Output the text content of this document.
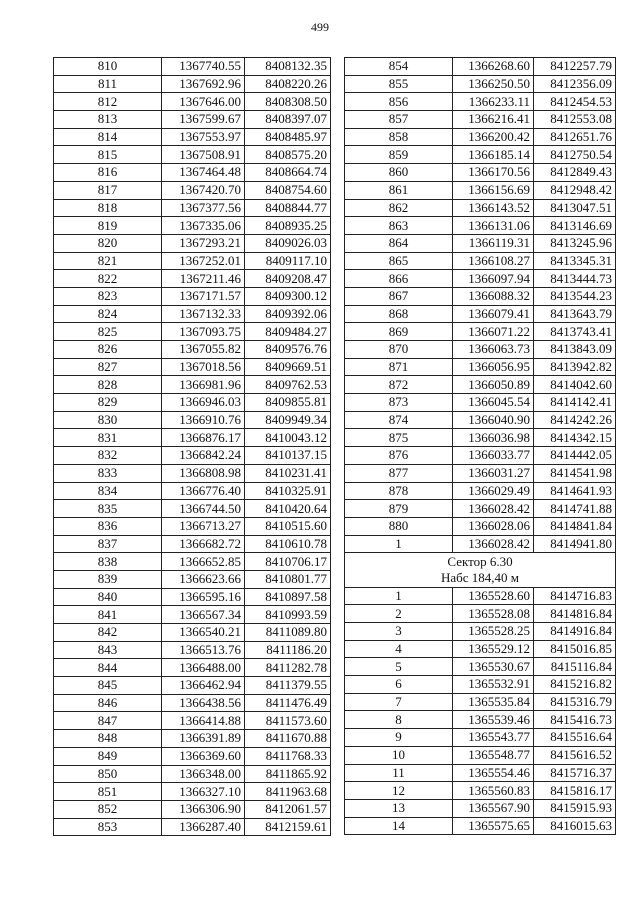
499
810	1367740.55	8408132.35
811	1367692.96	8408220.26
812	1367646.00	8408308.50
813	1367599.67	8408397.07
814	1367553.97	8408485.97
815	1367508.91	8408575.20
816	1367464.48	8408664.74
817	1367420.70	8408754.60
818	1367377.56	8408844.77
819	1367335.06	8408935.25
820	1367293.21	8409026.03
821	1367252.01	8409117.10
822	1367211.46	8409208.47
823	1367171.57	8409300.12
824	1367132.33	8409392.06
825	1367093.75	8409484.27
826	1367055.82	8409576.76
827	1367018.56	8409669.51
828	1366981.96	8409762.53
829	1366946.03	8409855.81
830	1366910.76	8409949.34
831	1366876.17	8410043.12
832	1366842.24	8410137.15
833	1366808.98	8410231.41
834	1366776.40	8410325.91
835	1366744.50	8410420.64
836	1366713.27	8410515.60
837	1366682.72	8410610.78
838	1366652.85	8410706.17
839	1366623.66	8410801.77
840	1366595.16	8410897.58
841	1366567.34	8410993.59
842	1366540.21	8411089.80
843	1366513.76	8411186.20
844	1366488.00	8411282.78
845	1366462.94	8411379.55
846	1366438.56	8411476.49
847	1366414.88	8411573.60
848	1366391.89	8411670.88
849	1366369.60	8411768.33
850	1366348.00	8411865.92
851	1366327.10	8411963.68
852	1366306.90	8412061.57
853	1366287.40	8412159.61
854	1366268.60	8412257.79
855	1366250.50	8412356.09
856	1366233.11	8412454.53
857	1366216.41	8412553.08
858	1366200.42	8412651.76
859	1366185.14	8412750.54
860	1366170.56	8412849.43
861	1366156.69	8412948.42
862	1366143.52	8413047.51
863	1366131.06	8413146.69
864	1366119.31	8413245.96
865	1366108.27	8413345.31
866	1366097.94	8413444.73
867	1366088.32	8413544.23
868	1366079.41	8413643.79
869	1366071.22	8413743.41
870	1366063.73	8413843.09
871	1366056.95	8413942.82
872	1366050.89	8414042.60
873	1366045.54	8414142.41
874	1366040.90	8414242.26
875	1366036.98	8414342.15
876	1366033.77	8414442.05
877	1366031.27	8414541.98
878	1366029.49	8414641.93
879	1366028.42	8414741.88
880	1366028.06	8414841.84
1	1366028.42	8414941.80
Сектор 6.30		
Набс 184,40 м		
1	1365528.60	8414716.83
2	1365528.08	8414816.84
3	1365528.25	8414916.84
4	1365529.12	8415016.85
5	1365530.67	8415116.84
6	1365532.91	8415216.82
7	1365535.84	8415316.79
8	1365539.46	8415416.73
9	1365543.77	8415516.64
10	1365548.77	8415616.52
11	1365554.46	8415716.37
12	1365560.83	8415816.17
13	1365567.90	8415915.93
14	1365575.65	8416015.63
